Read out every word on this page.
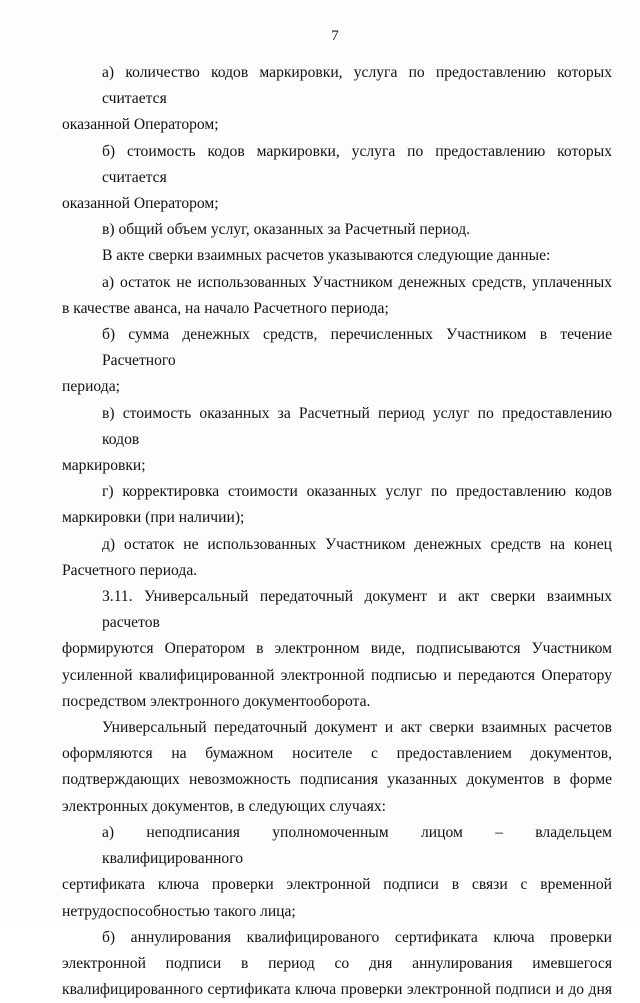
7
а) количество кодов маркировки, услуга по предоставлению которых считается
оказанной Оператором;
б) стоимость кодов маркировки, услуга по предоставлению которых считается
оказанной Оператором;
в) общий объем услуг, оказанных за Расчетный период.
В акте сверки взаимных расчетов указываются следующие данные:
а) остаток не использованных Участником денежных средств, уплаченных
в качестве аванса, на начало Расчетного периода;
б) сумма денежных средств, перечисленных Участником в течение Расчетного
периода;
в) стоимость оказанных за Расчетный период услуг по предоставлению кодов
маркировки;
г) корректировка стоимости оказанных услуг по предоставлению кодов
маркировки (при наличии);
д) остаток не использованных Участником денежных средств на конец
Расчетного периода.
3.11. Универсальный передаточный документ и акт сверки взаимных расчетов
формируются Оператором в электронном виде, подписываются Участником
усиленной квалифицированной электронной подписью и передаются Оператору
посредством электронного документооборота.
Универсальный передаточный документ и акт сверки взаимных расчетов
оформляются на бумажном носителе с предоставлением документов,
подтверждающих невозможность подписания указанных документов в форме
электронных документов, в следующих случаях:
а) неподписания уполномоченным лицом – владельцем квалифицированного
сертификата ключа проверки электронной подписи в связи с временной
нетрудоспособностью такого лица;
б) аннулирования квалифицированого сертификата ключа проверки
электронной подписи в период со дня аннулирования имевшегося
квалифицированного сертификата ключа проверки электронной подписи и до дня
